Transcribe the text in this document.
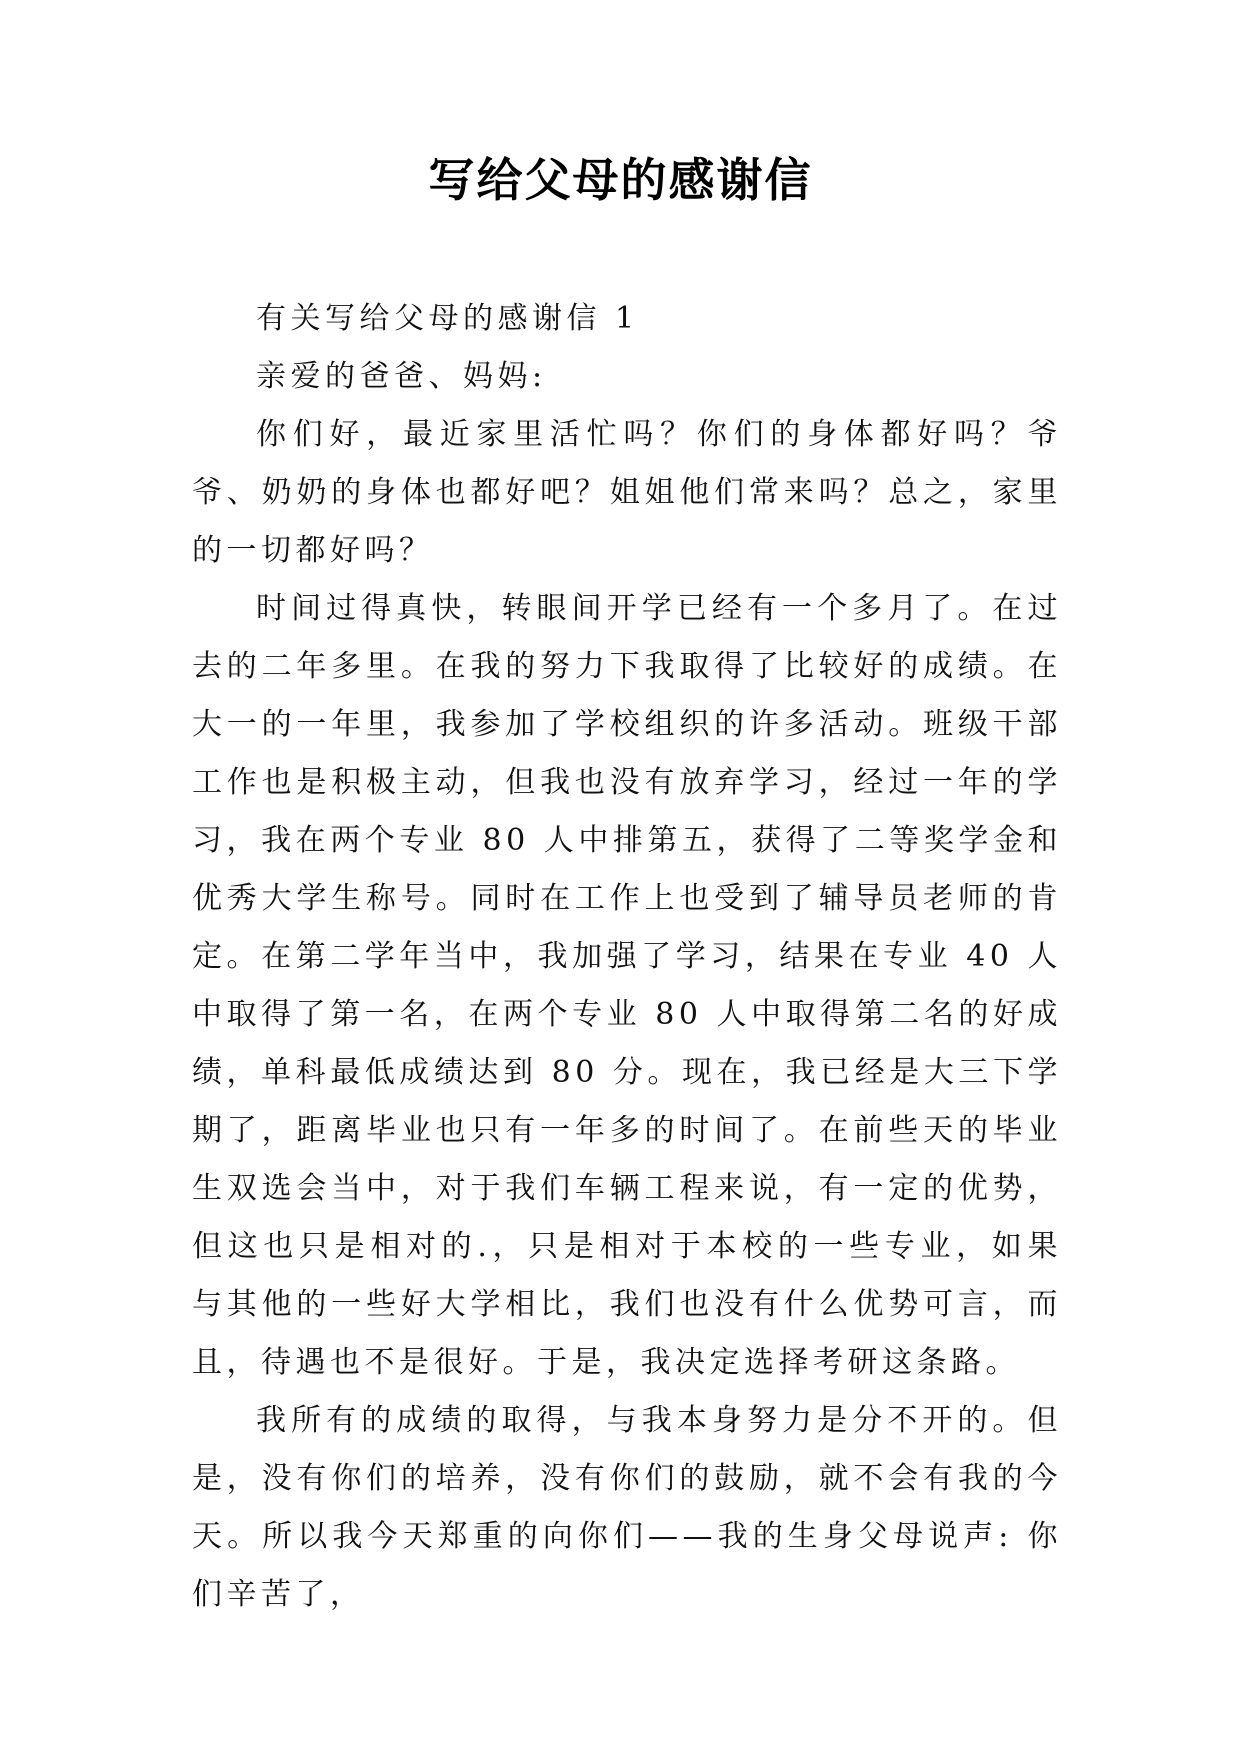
写给父母的感谢信

有关写给父母的感谢信 1

亲爱的爸爸、妈妈:

你们好，最近家里活忙吗？你们的身体都好吗？爷爷、奶奶的身体也都好吧？姐姐他们常来吗？总之，家里的一切都好吗？

时间过得真快，转眼间开学已经有一个多月了。在过去的二年多里。在我的努力下我取得了比较好的成绩。在大一的一年里，我参加了学校组织的许多活动。班级干部工作也是积极主动，但我也没有放弃学习，经过一年的学习，我在两个专业 80 人中排第五，获得了二等奖学金和优秀大学生称号。同时在工作上也受到了辅导员老师的肯定。在第二学年当中，我加强了学习，结果在专业 40 人中取得了第一名，在两个专业 80 人中取得第二名的好成绩，单科最低成绩达到 80 分。现在，我已经是大三下学期了，距离毕业也只有一年多的时间了。在前些天的毕业生双选会当中，对于我们车辆工程来说，有一定的优势，但这也只是相对的.，只是相对于本校的一些专业，如果与其他的一些好大学相比，我们也没有什么优势可言，而且，待遇也不是很好。于是，我决定选择考研这条路。

我所有的成绩的取得，与我本身努力是分不开的。但是，没有你们的培养，没有你们的鼓励，就不会有我的今天。所以我今天郑重的向你们——我的生身父母说声: 你们辛苦了，
